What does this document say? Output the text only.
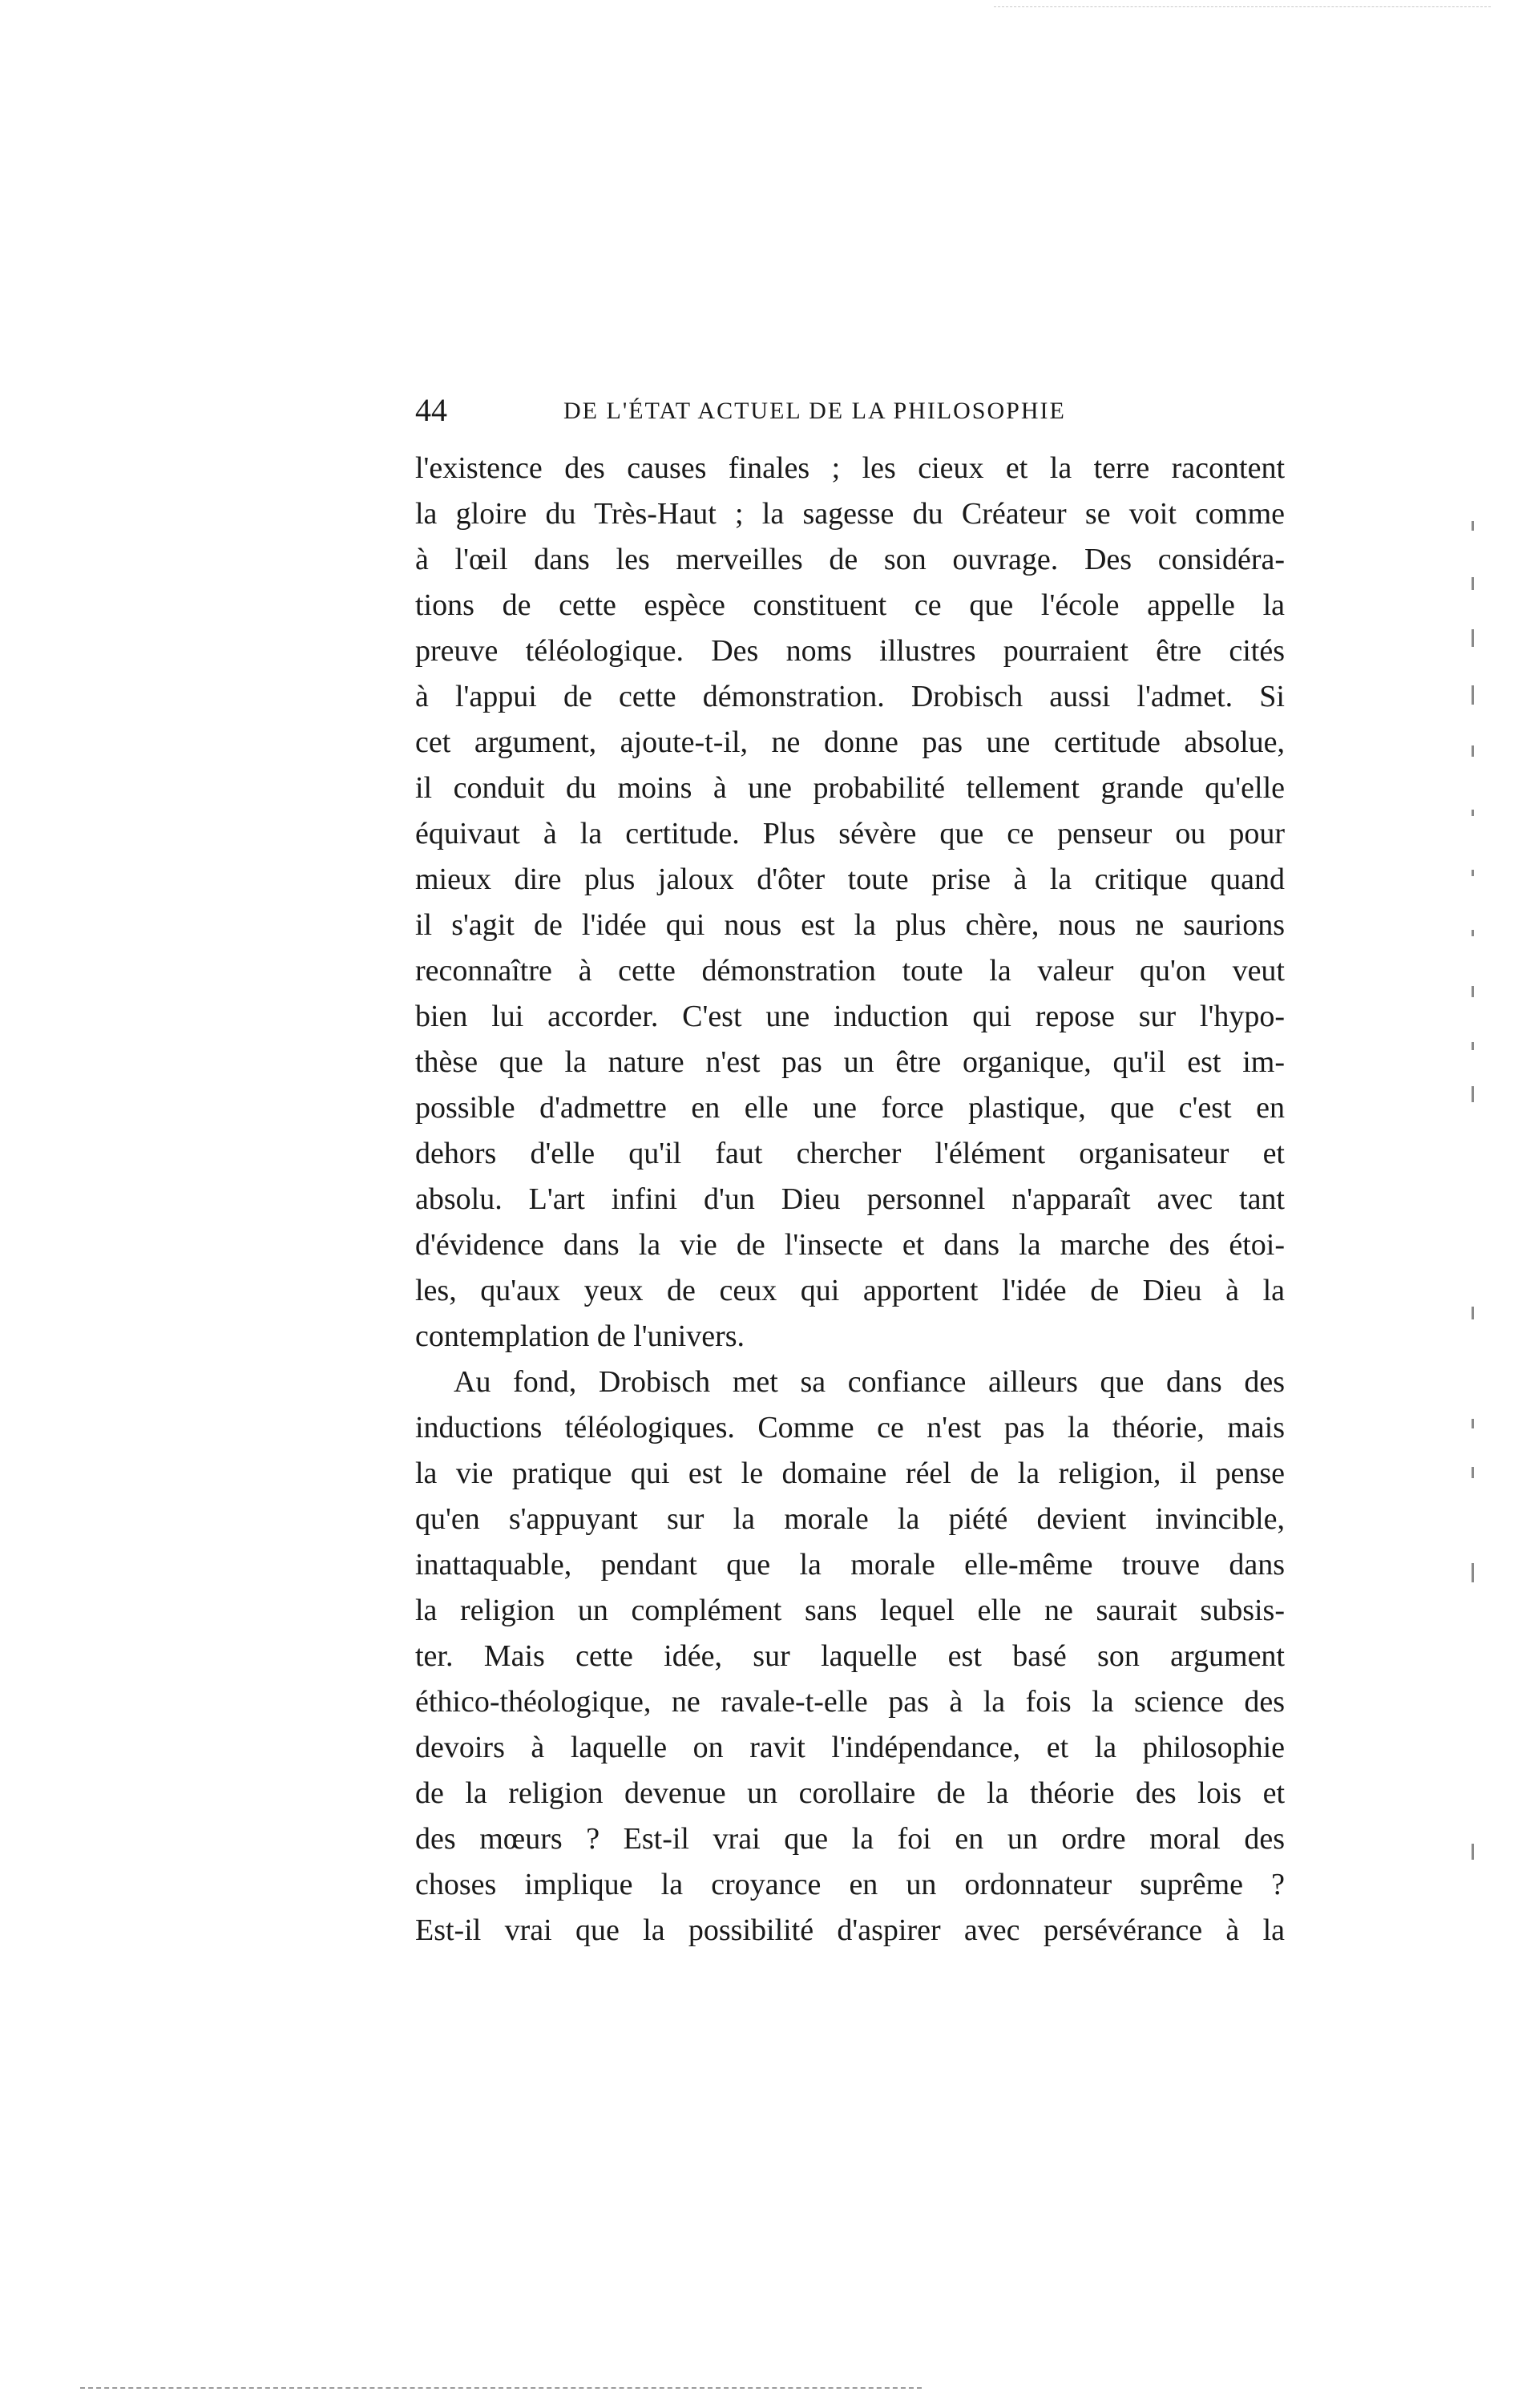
44	DE L'ÉTAT ACTUEL DE LA PHILOSOPHIE
l'existence des causes finales ; les cieux et la terre racontent
la gloire du Très-Haut ; la sagesse du Créateur se voit comme
à l'œil dans les merveilles de son ouvrage. Des considéra-
tions de cette espèce constituent ce que l'école appelle la
preuve téléologique. Des noms illustres pourraient être cités
à l'appui de cette démonstration. Drobisch aussi l'admet. Si
cet argument, ajoute-t-il, ne donne pas une certitude absolue,
il conduit du moins à une probabilité tellement grande qu'elle
équivaut à la certitude. Plus sévère que ce penseur ou pour
mieux dire plus jaloux d'ôter toute prise à la critique quand
il s'agit de l'idée qui nous est la plus chère, nous ne saurions
reconnaître à cette démonstration toute la valeur qu'on veut
bien lui accorder. C'est une induction qui repose sur l'hypo-
thèse que la nature n'est pas un être organique, qu'il est im-
possible d'admettre en elle une force plastique, que c'est en
dehors d'elle qu'il faut chercher l'élément organisateur et
absolu. L'art infini d'un Dieu personnel n'apparaît avec tant
d'évidence dans la vie de l'insecte et dans la marche des étoi-
les, qu'aux yeux de ceux qui apportent l'idée de Dieu à la
contemplation de l'univers.
Au fond, Drobisch met sa confiance ailleurs que dans des
inductions téléologiques. Comme ce n'est pas la théorie, mais
la vie pratique qui est le domaine réel de la religion, il pense
qu'en s'appuyant sur la morale la piété devient invincible,
inattaquable, pendant que la morale elle-même trouve dans
la religion un complément sans lequel elle ne saurait subsis-
ter. Mais cette idée, sur laquelle est basé son argument
éthico-théologique, ne ravale-t-elle pas à la fois la science des
devoirs à laquelle on ravit l'indépendance, et la philosophie
de la religion devenue un corollaire de la théorie des lois et
des mœurs ? Est-il vrai que la foi en un ordre moral des
choses implique la croyance en un ordonnateur suprême ?
Est-il vrai que la possibilité d'aspirer avec persévérance à la
